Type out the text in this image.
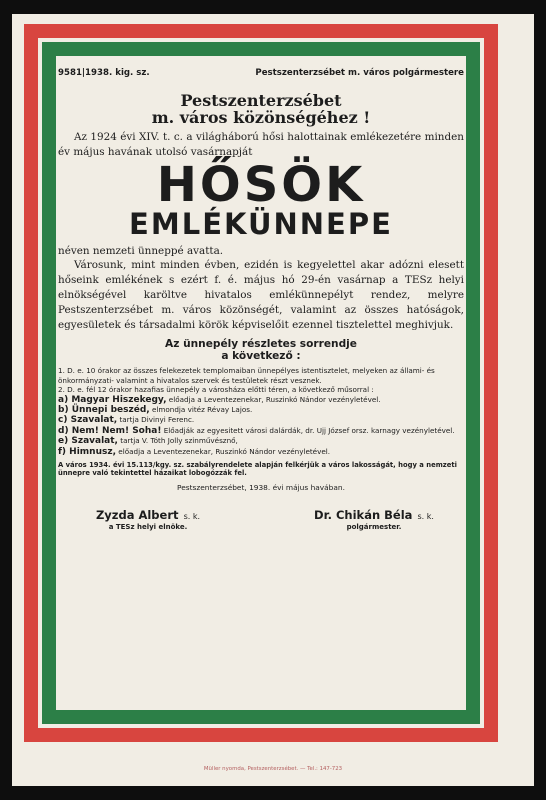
9581|1938. kig. sz.	Pestszenterzsébet m. város polgármestere
Pestszenterzsébet
m. város közönségéhez !
Az 1924 évi XIV. t. c. a világháború hősi halottainak emlékezetére minden év május havának utolsó vasárnapját
HŐSÖK
EMLÉKÜNNEPE
néven nemzeti ünneppé avatta.
Városunk, mint minden évben, ezidén is kegyelettel akar adózni elesett hőseink emlékének s ezért f. é. május hó 29-én vasárnap a TESz helyi elnökségével karöltve hivatalos emlékünnepélyt rendez, melyre Pestszenterzsébet m. város közönségét, valamint az összes hatóságok, egyesületek és társadalmi körök képviselőit ezennel tisztelettel meghivjuk.
Az ünnepély részletes sorrendje
a következő :
1. D. e. 10 órakor az összes felekezetek templomaiban ünnepélyes istentisztelet, melyeken az állami- és önkormányzati- valamint a hivatalos szervek és testületek részt vesznek.
2. D. e. fél 12 órakor hazafias ünnepély a városháza előtti téren, a következő műsorral :
a) Magyar Hiszekegy, előadja a Leventezenekar, Ruszinkó Nándor vezényletével.
b) Ünnepi beszéd, elmondja vitéz Révay Lajos.
c) Szavalat, tartja Divinyi Ferenc.
d) Nem! Nem! Soha! Előadják az egyesitett városi dalárdák, dr. Ujj József orsz. karnagy vezényletével.
e) Szavalat, tartja V. Tóth Jolly szinművésznő,
f) Himnusz, előadja a Leventezenekar, Ruszinkó Nándor vezényletével.
A város 1934. évi 15.113/kgy. sz. szabályrendelete alapján felkérjük a város lakosságát, hogy a nemzeti ünnepre való tekintettel házaikat lobogózzák fel.
Pestszenterzsébet, 1938. évi május havában.
Zyzda Albert s. k.
a TESz helyi elnöke.
Dr. Chikán Béla s. k.
polgármester.
Müller nyomda, Pestszenterzsébet. — Tel.: 147-723
